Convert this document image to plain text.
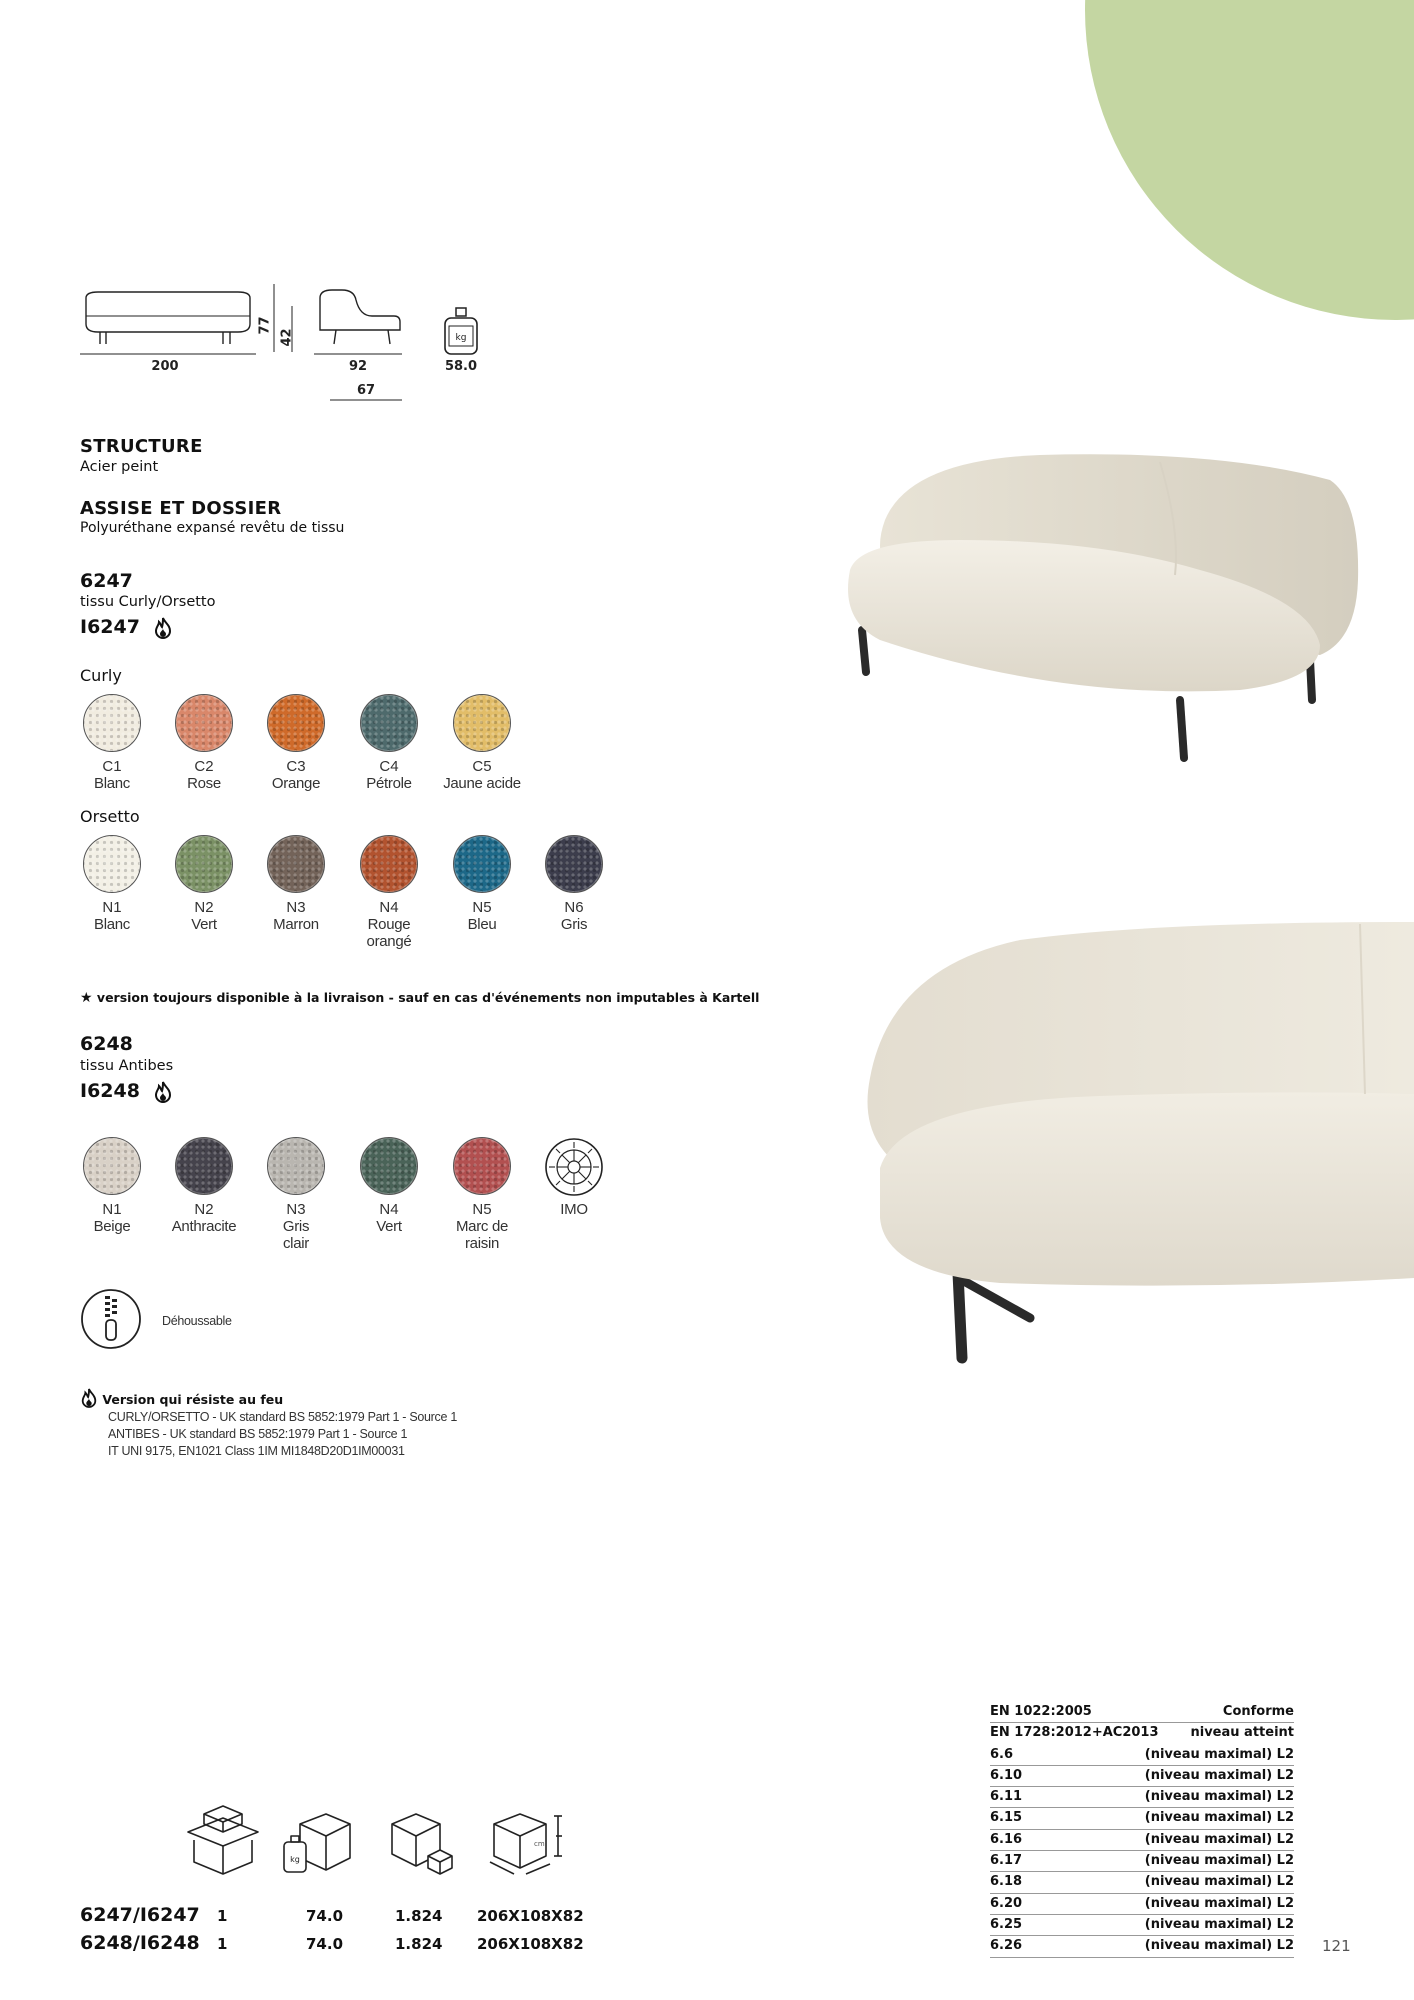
200
77
42
92
67
kg
58.0
STRUCTURE
Acier peint
ASSISE ET DOSSIER
Polyuréthane expansé revêtu de tissu
6247
tissu Curly/Orsetto
I6247
Curly
C1
Blanc
C2
Rose
C3
Orange
C4
Pétrole
C5
Jaune acide
Orsetto
N1
Blanc
N2
Vert
N3
Marron
N4
Rouge orangé
N5
Bleu
N6
Gris
★ version toujours disponible à la livraison - sauf en cas d'événements non imputables à Kartell
6248
tissu Antibes
I6248
N1
Beige
N2
Anthracite
N3
Gris clair
N4
Vert
N5
Marc de raisin
IMO
Déhoussable
Version qui résiste au feu
CURLY/ORSETTO - UK standard BS 5852:1979 Part 1 - Source 1
ANTIBES - UK standard BS 5852:1979 Part 1 - Source 1
IT UNI 9175, EN1021 Class 1IM MI1848D20D1IM00031
EN 1022:2005	Conforme
EN 1728:2012+AC2013 niveau atteint
6.6	(niveau maximal) L2
6.10	(niveau maximal) L2
6.11	(niveau maximal) L2
6.15	(niveau maximal) L2
6.16	(niveau maximal) L2
6.17	(niveau maximal) L2
6.18	(niveau maximal) L2
6.20	(niveau maximal) L2
6.25	(niveau maximal) L2
6.26	(niveau maximal) L2
kg
cm
6247/I6247 1	74.0	1.824 206X108X82
6248/I6248 1	74.0	1.824 206X108X82	121
